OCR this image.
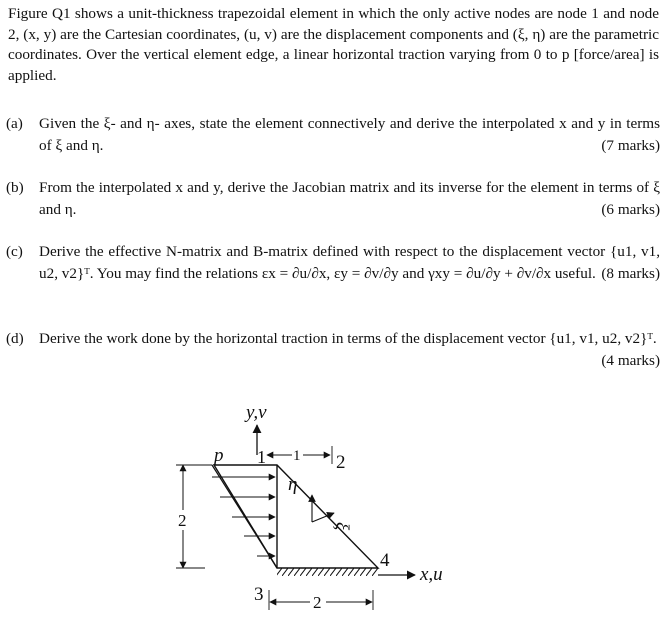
Figure Q1 shows a unit-thickness trapezoidal element in which the only active nodes are node 1 and node 2, (x, y) are the Cartesian coordinates, (u, v) are the displacement components and (ξ, η) are the parametric coordinates. Over the vertical element edge, a linear horizontal traction varying from 0 to p [force/area] is applied.
(a)	Given the ξ- and η- axes, state the element connectively and derive the interpolated x and y in terms of ξ and η.	(7 marks)
(b)	From the interpolated x and y, derive the Jacobian matrix and its inverse for the element in terms of ξ and η.	(6 marks)
(c)	Derive the effective N-matrix and B-matrix defined with respect to the displacement vector {u1, v1, u2, v2}ᵀ. You may find the relations εx = ∂u/∂x, εy = ∂v/∂y and γxy = ∂u/∂y + ∂v/∂x useful. (8 marks)
(d)	Derive the work done by the horizontal traction in terms of the displacement vector {u1, v1, u2, v2}ᵀ.
(4 marks)
y,v
p
2
1 1 2
η
ξ
4
x,u
3	2
